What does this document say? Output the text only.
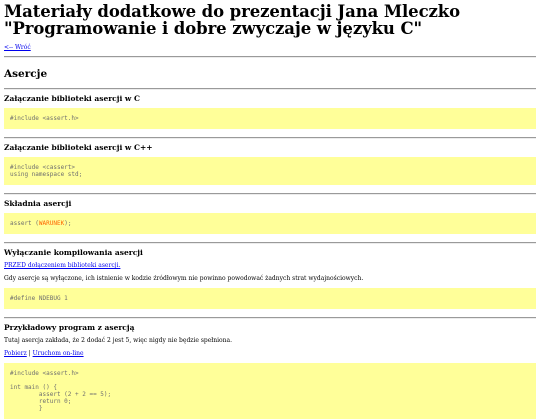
Materiały dodatkowe do prezentacji Jana Mleczko
"Programowanie i dobre zwyczaje w języku C"
<-- Wróć
Asercje
Załączanie biblioteki asercji w C
#include <assert.h>
Załączanie biblioteki asercji w C++
#include <cassert>
using namespace std;
Składnia asercji
assert (WARUNEK);
Wyłączanie kompilowania asercji

PRZED dołączeniem biblioteki asercji.

Gdy asercje są wyłączone, ich istnienie w kodzie źródłowym nie powinno powodować żadnych strat wydajnościowych.

#define NDEBUG 1
Przykładowy program z asercją

Tutaj asercja zakłada, że 2 dodać 2 jest 5, więc nigdy nie będzie spełniona.

Pobierz | Uruchom on-line

#include <assert.h>

int main () {
assert (2 + 2 == 5);
return 0;
}
